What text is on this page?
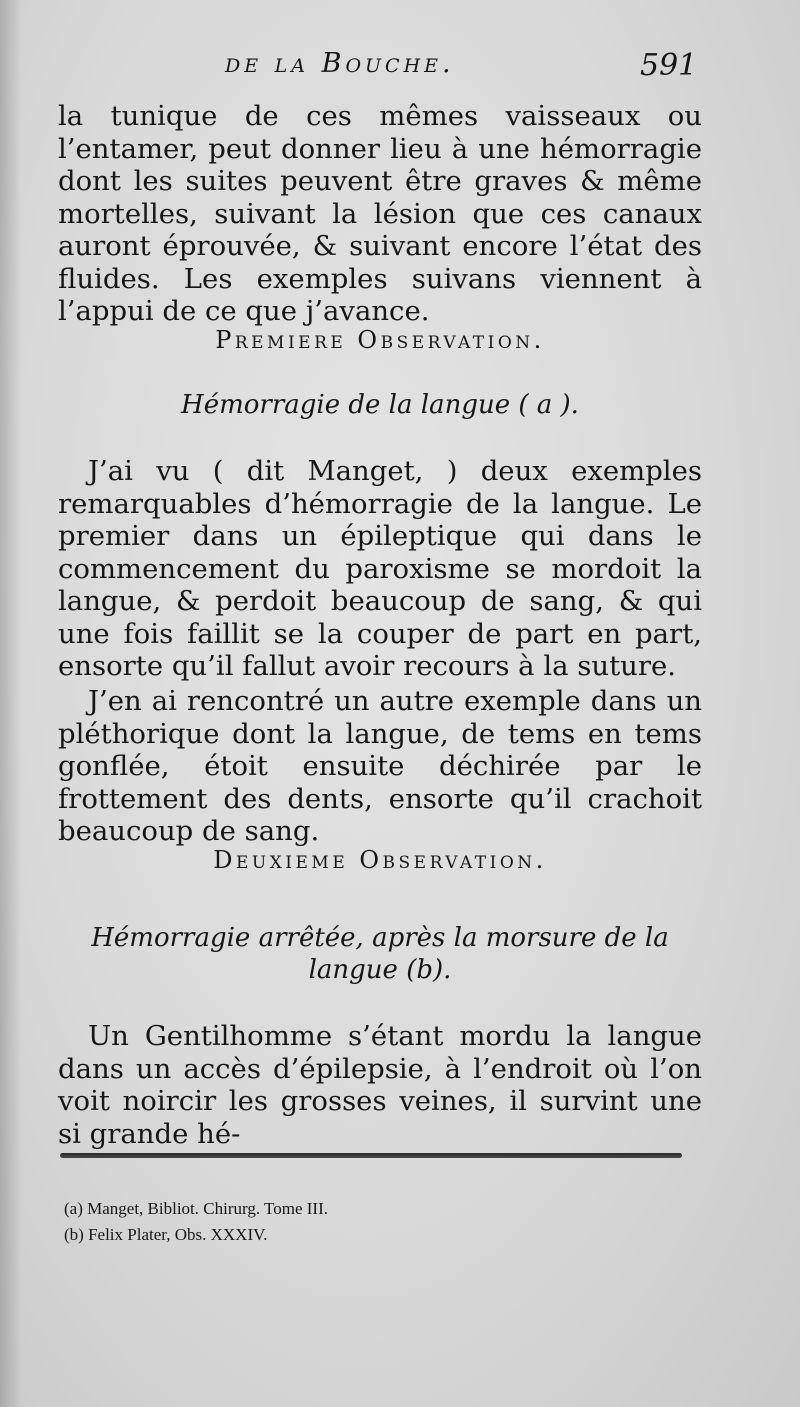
de la Bouche.	591

la tunique de ces mêmes vaisseaux ou l’entamer, peut donner lieu à une hémorragie dont les suites peuvent être graves & même mortelles, suivant la lésion que ces canaux auront éprouvée, & suivant encore l’état des fluides. Les exemples suivans viennent à l’appui de ce que j’avance.

Premiere Observation.
Hémorragie de la langue ( a ).

J’ai vu ( dit Manget, ) deux exemples remarquables d’hémorragie de la langue. Le premier dans un épileptique qui dans le commencement du paroxisme se mordoit la langue, & perdoit beaucoup de sang, & qui une fois faillit se la couper de part en part, ensorte qu’il fallut avoir recours à la suture.

J’en ai rencontré un autre exemple dans un pléthorique dont la langue, de tems en tems gonflée, étoit ensuite déchirée par le frottement des dents, ensorte qu’il crachoit beaucoup de sang.

Deuxieme Observation.
Hémorragie arrêtée, après la morsure de la langue (b).

Un Gentilhomme s’étant mordu la langue dans un accès d’épilepsie, à l’endroit où l’on voit noircir les grosses veines, il survint une si grande hé-

(a) Manget, Bibliot. Chirurg. Tome III.
(b) Felix Plater, Obs. XXXIV.
